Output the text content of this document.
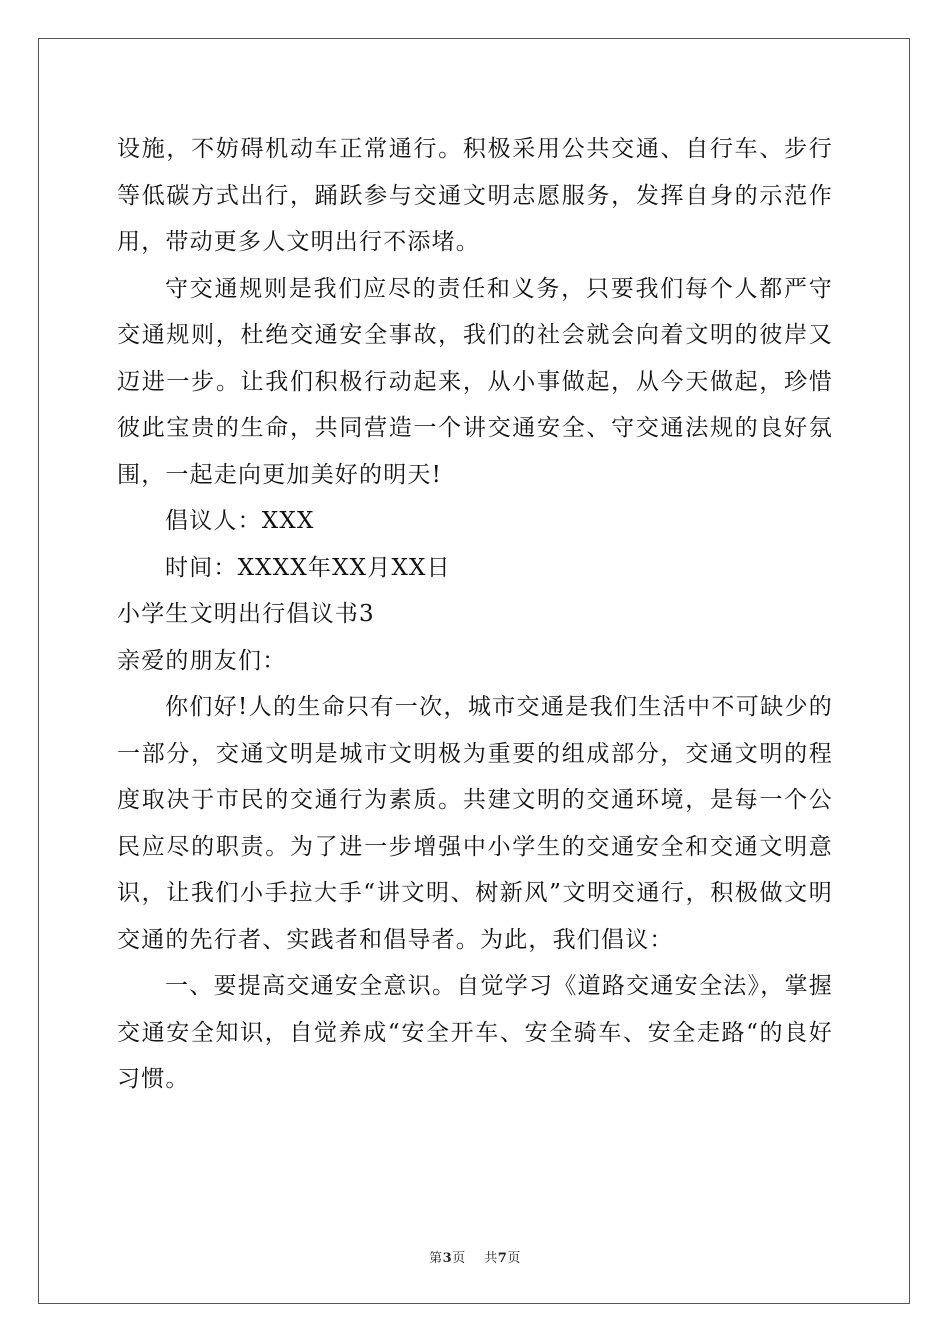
设施，不妨碍机动车正常通行。积极采用公共交通、自行车、步行等低碳方式出行，踊跃参与交通文明志愿服务，发挥自身的示范作用，带动更多人文明出行不添堵。

守交通规则是我们应尽的责任和义务，只要我们每个人都严守交通规则，杜绝交通安全事故，我们的社会就会向着文明的彼岸又迈进一步。让我们积极行动起来，从小事做起，从今天做起，珍惜彼此宝贵的生命，共同营造一个讲交通安全、守交通法规的良好氛围，一起走向更加美好的明天!

倡议人：XXX

时间：XXXX年XX月XX日

小学生文明出行倡议书3

亲爱的朋友们：

你们好!人的生命只有一次，城市交通是我们生活中不可缺少的一部分，交通文明是城市文明极为重要的组成部分，交通文明的程度取决于市民的交通行为素质。共建文明的交通环境，是每一个公民应尽的职责。为了进一步增强中小学生的交通安全和交通文明意识，让我们小手拉大手“讲文明、树新风”文明交通行，积极做文明交通的先行者、实践者和倡导者。为此，我们倡议：

一、要提高交通安全意识。自觉学习《道路交通安全法》，掌握交通安全知识，自觉养成“安全开车、安全骑车、安全走路“的良好习惯。

第3页 共7页
